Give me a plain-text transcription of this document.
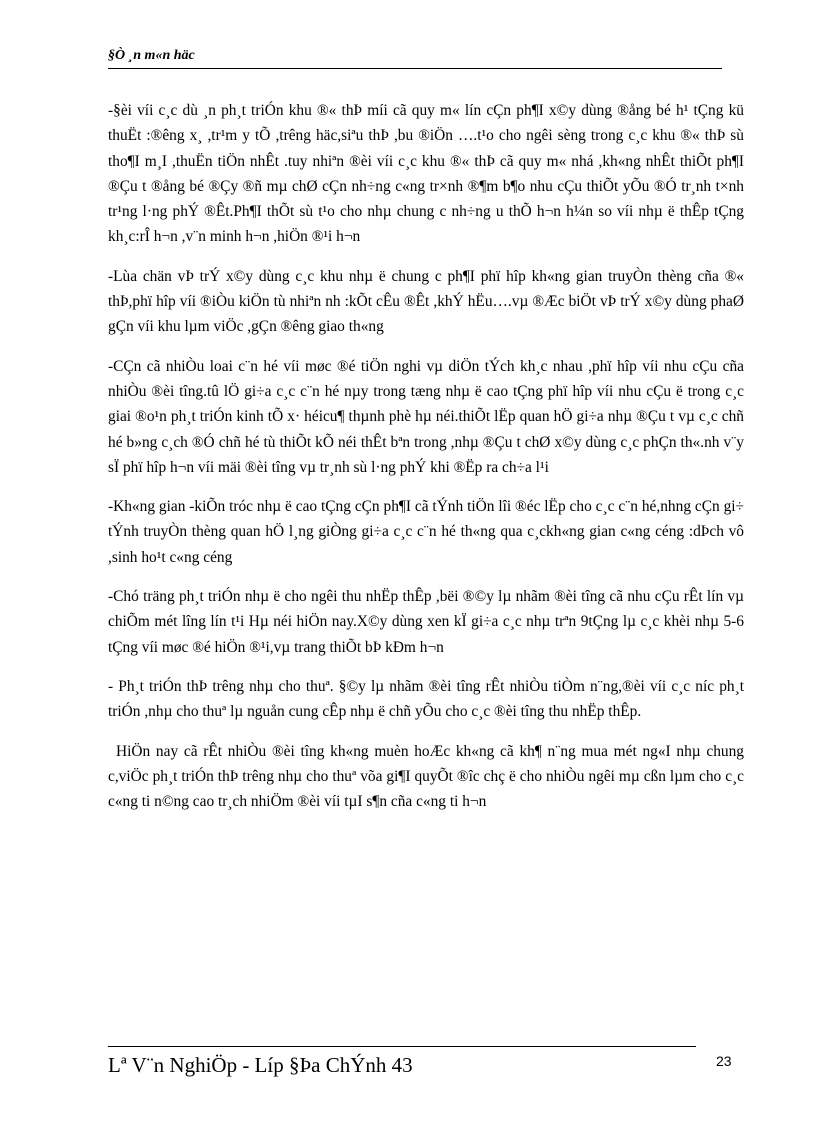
§Ò ¸n m«n häc

-§èi víi c¸c dù ¸n ph¸t triÓn khu ®« thÞ míi cã quy m« lín cÇn ph¶I x©y dùng ®ång bé h¹ tÇng kü thuËt :®êng x¸ ,tr¹m y tÕ ,trêng häc,siªu thÞ ,bu ®iÖn ….t¹o cho ngêi sèng trong c¸c khu ®« thÞ sù tho¶I m¸I ,thuËn tiÖn nhÊt .tuy nhiªn ®èi víi c¸c khu ®« thÞ cã quy m« nhá ,kh«ng nhÊt thiÕt ph¶I ®Çu t ®ång bé ®Çy ®ñ mµ chØ cÇn nh÷ng c«ng tr×nh ®¶m b¶o nhu cÇu thiÕt yÕu ®Ó tr¸nh t×nh tr¹ng l·ng phÝ ®Êt.Ph¶I thÕt sù t¹o cho nhµ chung c nh÷ng u thÕ h¬n h¼n so víi nhµ ë thÊp tÇng kh¸c:rÎ h¬n ,v¨n minh h¬n ,hiÖn ®¹i h¬n

-Lùa chän vÞ trÝ x©y dùng c¸c khu nhµ ë chung c ph¶I phï hîp kh«ng gian truyÒn thèng cña ®« thÞ,phï hîp víi ®iÒu kiÖn tù nhiªn nh :kÕt cÊu ®Êt ,khÝ hËu….vµ ®Æc biÖt vÞ trÝ x©y dùng phaØ gÇn víi khu lµm viÖc ,gÇn ®êng giao th«ng

-CÇn cã nhiÒu loai c¨n hé víi møc ®é tiÖn nghi vµ diÖn tÝch kh¸c nhau ,phï hîp víi nhu cÇu cña nhiÒu ®èi tîng.tû lÖ gi÷a c¸c c¨n hé nµy trong tæng nhµ ë cao tÇng phï hîp víi nhu cÇu ë trong c¸c giai ®o¹n ph¸t triÓn kinh tÕ x· héicu¶ thµnh phè hµ néi.thiÕt lËp quan hÖ gi÷a nhµ ®Çu t vµ c¸c chñ hé b»ng c¸ch ®Ó chñ hé tù thiÕt kÕ néi thÊt bªn trong ,nhµ ®Çu t chØ x©y dùng c¸c phÇn th«.nh v¨y sÏ phï hîp h¬n víi mäi ®èi tîng vµ tr¸nh sù l·ng phÝ khi ®Ëp ra ch÷a l¹i

-Kh«ng gian -kiÕn tróc nhµ ë cao tÇng cÇn ph¶I cã tÝnh tiÖn lîi ®éc lËp cho c¸c c¨n hé,nhng cÇn gi÷ tÝnh truyÒn thèng quan hÖ l¸ng giÒng gi÷a c¸c c¨n hé th«ng qua c¸ckh«ng gian c«ng céng :dÞch vô ,sinh ho¹t c«ng céng

-Chó träng ph¸t triÓn nhµ ë cho ngêi thu nhËp thÊp ,bëi ®©y lµ nhãm ®èi tîng cã nhu cÇu rÊt lín vµ chiÕm mét lîng lín t¹i Hµ néi hiÖn nay.X©y dùng xen kÏ gi÷a c¸c nhµ trªn 9tÇng lµ c¸c khèi nhµ 5-6 tÇng víi møc ®é hiÖn ®¹i,vµ trang thiÕt bÞ kÐm h¬n

- Ph¸t triÓn thÞ trêng nhµ cho thuª. §©y lµ nhãm ®èi tîng rÊt nhiÒu tiÒm n¨ng,®èi víi c¸c níc ph¸t triÓn ,nhµ cho thuª lµ nguån cung cÊp nhµ ë chñ yÕu cho c¸c ®èi tîng thu nhËp thÊp.

HiÖn nay cã rÊt nhiÒu ®èi tîng kh«ng muèn hoÆc kh«ng cã kh¶ n¨ng mua mét ng«I nhµ chung c,viÖc ph¸t triÓn thÞ trêng nhµ cho thuª võa gi¶I quyÕt ®îc chç ë cho nhiÒu ngêi mµ cßn lµm cho c¸c c«ng ti n©ng cao tr¸ch nhiÖm ®èi víi tµI s¶n cña c«ng ti h¬n

Lª V¨n NghiÖp - Líp §Þa ChÝnh 43	23
